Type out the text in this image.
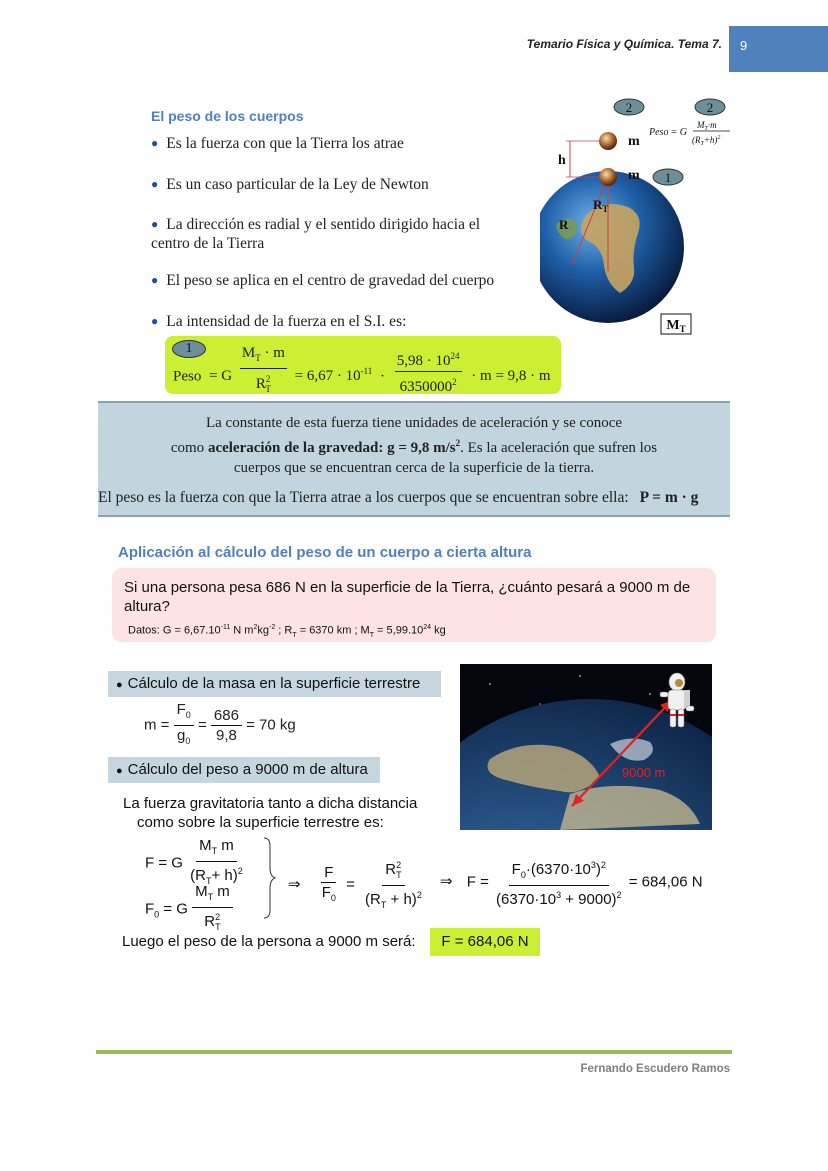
Temario Física y Química. Tema 7. 9
El peso de los cuerpos
● Es la fuerza con que la Tierra los atrae
● Es un caso particular de la Ley de Newton
● La dirección es radial y el sentido dirigido hacia el
centro de la Tierra
● El peso se aplica en el centro de gravedad del cuerpo
● La intensidad de la fuerza en el S.I. es:
m
m
h
R
$R_T$
2	2
1
Peso = G
$M_T\cdot m$
$(R_T+h)^2$
$M_T$
1
Peso = G $\frac{M_T \cdot m}{R^2_T} = 6,67 \cdot 10^{-11} \cdot \frac{5,98 \cdot 10^{24}}{6350000^2} \cdot m = 9,8 \cdot m$
La constante de esta fuerza tiene unidades de aceleración y se conoce
como aceleración de la gravedad: g = 9,8 $m/s^2$. Es la aceleración que sufren los
cuerpos que se encuentran cerca de la superficie de la tierra.
El peso es la fuerza con que la Tierra atrae a los cuerpos que se encuentran sobre ella: P = m · g
Aplicación al cálculo del peso de un cuerpo a cierta altura
Si una persona pesa 686 N en la superficie de la Tierra, ¿cuánto pesará a 9000 m de altura?
Datos: $G = 6,67.10^{-11}$ N $m^2kg^{-2}$ ; $R_T = 6370$ km ; $M_T = 5,99.10^{24}$ kg
● Cálculo de la masa en la superficie terrestre
$m = \frac{F_0}{g_0} = \frac{686}{9,8} = 70$ kg
● Cálculo del peso a 9000 m de altura
La fuerza gravitatoria tanto a dicha distancia
como sobre la superficie terrestre es:
9000 m
F = G $\frac{M_T m}{(R_T+ h)^2}$
$F_0 = G \frac{M_T m}{R^2_T}$	⇒ $\frac{F}{F_0} = \frac{R^2_T}{(R_T + h)^2}$ ⇒ $F = \frac{F_0\cdot(6370\cdot 10^3)^2}{(6370\cdot 10^3 + 9000)^2} = 684,06$ N
Luego el peso de la persona a 9000 m será:	F = 684,06 N
Fernando Escudero Ramos
